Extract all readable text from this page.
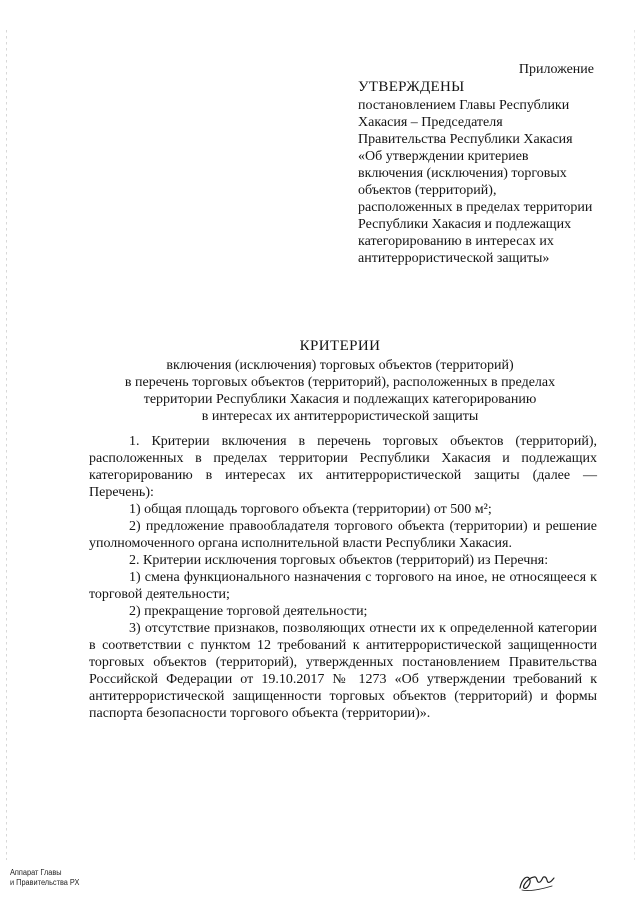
Приложение
УТВЕРЖДЕНЫ
постановлением Главы Республики
Хакасия – Председателя
Правительства Республики Хакасия
«Об утверждении критериев
включения (исключения) торговых
объектов (территорий),
расположенных в пределах территории
Республики Хакасия и подлежащих
категорированию в интересах их
антитеррористической защиты»
КРИТЕРИИ
включения (исключения) торговых объектов (территорий)
в перечень торговых объектов (территорий), расположенных в пределах
территории Республики Хакасия и подлежащих категорированию
в интересах их антитеррористической защиты

1. Критерии включения в перечень торговых объектов (территорий), расположенных в пределах территории Республики Хакасия и подлежащих категорированию в интересах их антитеррористической защиты (далее — Перечень):

1) общая площадь торгового объекта (территории) от 500 м²;

2) предложение правообладателя торгового объекта (территории) и решение уполномоченного органа исполнительной власти Республики Хакасия.

2. Критерии исключения торговых объектов (территорий) из Перечня:

1) смена функционального назначения с торгового на иное, не относящееся к торговой деятельности;

2) прекращение торговой деятельности;

3) отсутствие признаков, позволяющих отнести их к определенной категории в соответствии с пунктом 12 требований к антитеррористической защищенности торговых объектов (территорий), утвержденных постановлением Правительства Российской Федерации от 19.10.2017 № 1273 «Об утверждении требований к антитеррористической защищенности торговых объектов (территорий) и формы паспорта безопасности торгового объекта (территории)».

Аппарат Главы
и Правительства РХ
